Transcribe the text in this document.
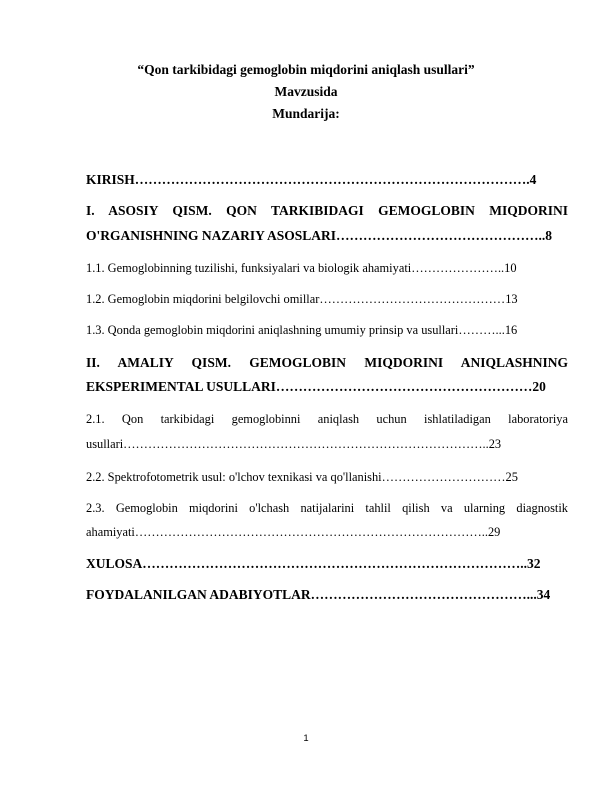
“Qon tarkibidagi gemoglobin miqdorini aniqlash usullari”
Mavzusida
Mundarija:
KIRISH…………………………………………………………………………….4
I. ASOSIY QISM. QON TARKIBIDAGI GEMOGLOBIN MIQDORINI
O'RGANISHNING NAZARIY ASOSLARI………………………………………..8
1.1. Gemoglobinning tuzilishi, funksiyalari va biologik ahamiyati…………………..10
1.2. Gemoglobin miqdorini belgilovchi omillar………………………………………13
1.3. Qonda gemoglobin miqdorini aniqlashning umumiy prinsip va usullari………...16
II. AMALIY QISM. GEMOGLOBIN MIQDORINI ANIQLASHNING
EKSPERIMENTAL USULLARI…………………………………………………20
2.1. Qon tarkibidagi gemoglobinni aniqlash uchun ishlatiladigan laboratoriya
usullari……………………………………………………………………………..23
2.2. Spektrofotometrik usul: o'lchov texnikasi va qo'llanishi…………………………25
2.3. Gemoglobin miqdorini o'lchash natijalarini tahlil qilish va ularning diagnostik
ahamiyati…………………………………………………………………………..29
XULOSA…………………………………………………………………………..32
FOYDALANILGAN ADABIYOTLAR…………………………………………...34
1
